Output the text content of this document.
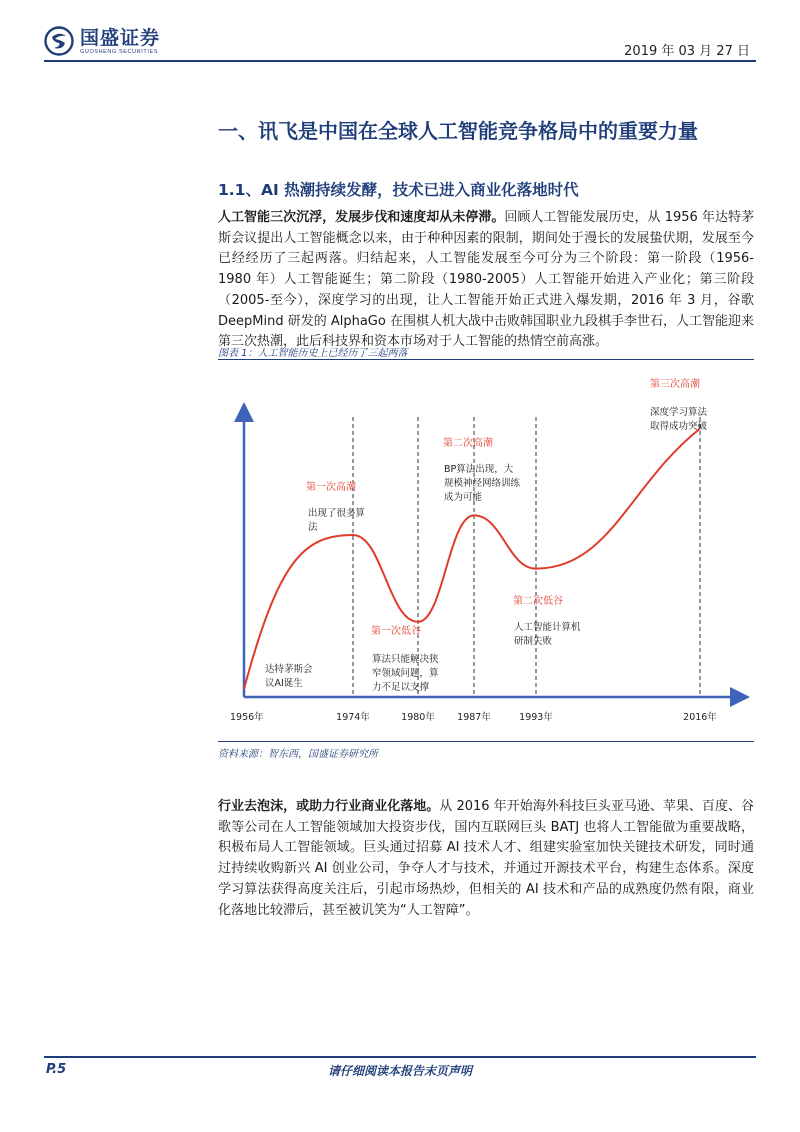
国盛证券
GUOSHENG SECURITIES	2019 年 03 月 27 日
一、讯飞是中国在全球人工智能竞争格局中的重要力量
1.1、AI 热潮持续发酵，技术已进入商业化落地时代
人工智能三次沉浮，发展步伐和速度却从未停滞。回顾人工智能发展历史，从 1956 年达特茅斯会议提出人工智能概念以来，由于种种因素的限制，期间处于漫长的发展蛰伏期，发展至今已经经历了三起两落。归结起来，人工智能发展至今可分为三个阶段：第一阶段（1956-1980 年）人工智能诞生；第二阶段（1980-2005）人工智能开始进入产业化；第三阶段（2005-至今），深度学习的出现，让人工智能开始正式进入爆发期，2016 年 3 月，谷歌 DeepMind 研发的 AlphaGo 在围棋人机大战中击败韩国职业九段棋手李世石，人工智能迎来第三次热潮，此后科技界和资本市场对于人工智能的热情空前高涨。
图表 1：人工智能历史上已经历了三起两落
1956年	1974年	1980年 1987年	1993年	2016年
达特茅斯会议AI诞生
第一次高潮
出现了很多算法
第一次低谷
算法只能解决狭窄领域问题，算力不足以支撑
第二次高潮
BP算法出现，大规模神经网络训练成为可能
第二次低谷
人工智能计算机研制失败
第三次高潮
深度学习算法取得成功突破
资料来源：智东西，国盛证券研究所
行业去泡沫，或助力行业商业化落地。从 2016 年开始海外科技巨头亚马逊、苹果、百度、谷歌等公司在人工智能领域加大投资步伐，国内互联网巨头 BATJ 也将人工智能做为重要战略，积极布局人工智能领域。巨头通过招募 AI 技术人才、组建实验室加快关键技术研发，同时通过持续收购新兴 AI 创业公司，争夺人才与技术，并通过开源技术平台，构建生态体系。深度学习算法获得高度关注后，引起市场热炒，但相关的 AI 技术和产品的成熟度仍然有限，商业化落地比较滞后，甚至被讥笑为“人工智障”。
P.5	请仔细阅读本报告末页声明
